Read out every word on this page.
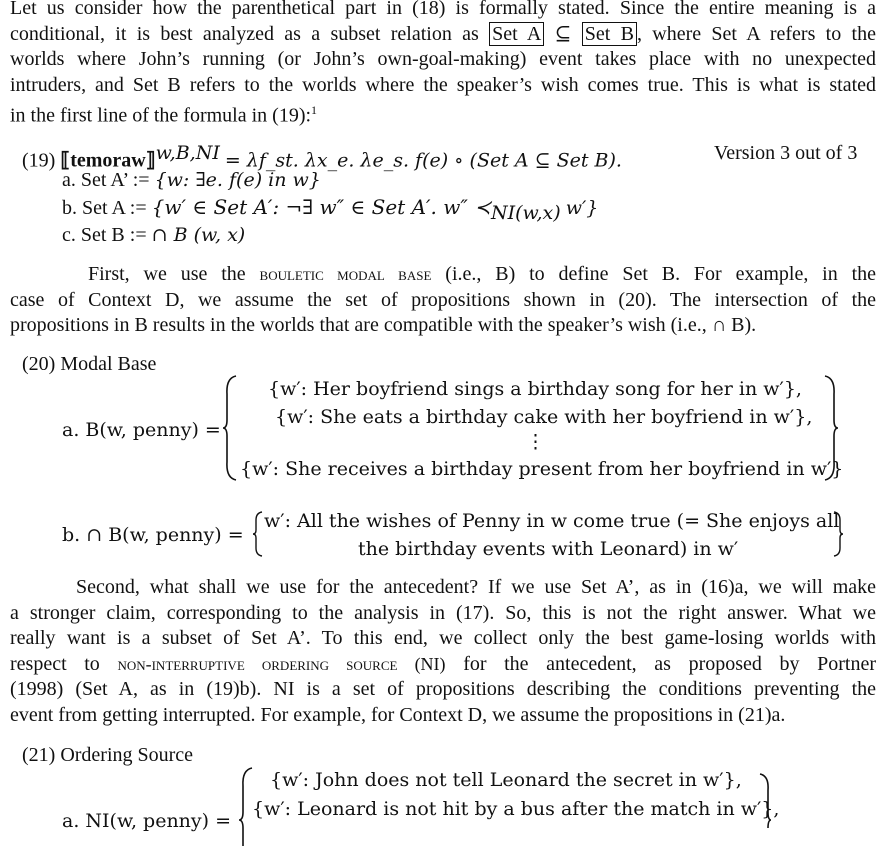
Let us consider how the parenthetical part in (18) is formally stated. Since the entire meaning is a
conditional, it is best analyzed as a subset relation as Set A ⊆ Set B , where Set A refers to the
worlds where John’s running (or John’s own-goal-making) event takes place with no unexpected
intruders, and Set B refers to the worlds where the speaker’s wish comes true. This is what is stated
in the first line of the formula in (19):$^1$
(19) ⟦temoraw⟧$^{w,B,NI}$ = λf_st. λx_e. λe_s. f(e) ∘ (Set A ⊆ Set B).	Version 3 out of 3
a. Set A’ := {w: ∃e. f(e) in w}
b. Set A := {w′ ∈ Set A′: ¬∃ w″ ∈ Set A′. w″ $≺_{NI(w,x)}$ w′}
c. Set B := ∩ B (w, x)
First, we use the bouletic modal base (i.e., B) to define Set B. For example, in the
case of Context D, we assume the set of propositions shown in (20). The intersection of the
propositions in B results in the worlds that are compatible with the speaker’s wish (i.e., ∩ B).
(20) Modal Base
a. B(w, penny) =
{w′: Her boyfriend sings a birthday song for her in w′},
{w′: She eats a birthday cake with her boyfriend in w′},
⋮
{w′: She receives a birthday present from her boyfriend in w′}
b. ∩ B(w, penny) =
w′: All the wishes of Penny in w come true (= She enjoys all
the birthday events with Leonard) in w′
Second, what shall we use for the antecedent? If we use Set A’, as in (16)a, we will make
a stronger claim, corresponding to the analysis in (17). So, this is not the right answer. What we
really want is a subset of Set A’. To this end, we collect only the best game-losing worlds with
respect to non-interruptive ordering source (NI) for the antecedent, as proposed by Portner
(1998) (Set A, as in (19)b). NI is a set of propositions describing the conditions preventing the
event from getting interrupted. For example, for Context D, we assume the propositions in (21)a.
(21) Ordering Source
a. NI(w, penny) =
{w′: John does not tell Leonard the secret in w′},
{w′: Leonard is not hit by a bus after the match in w′},
